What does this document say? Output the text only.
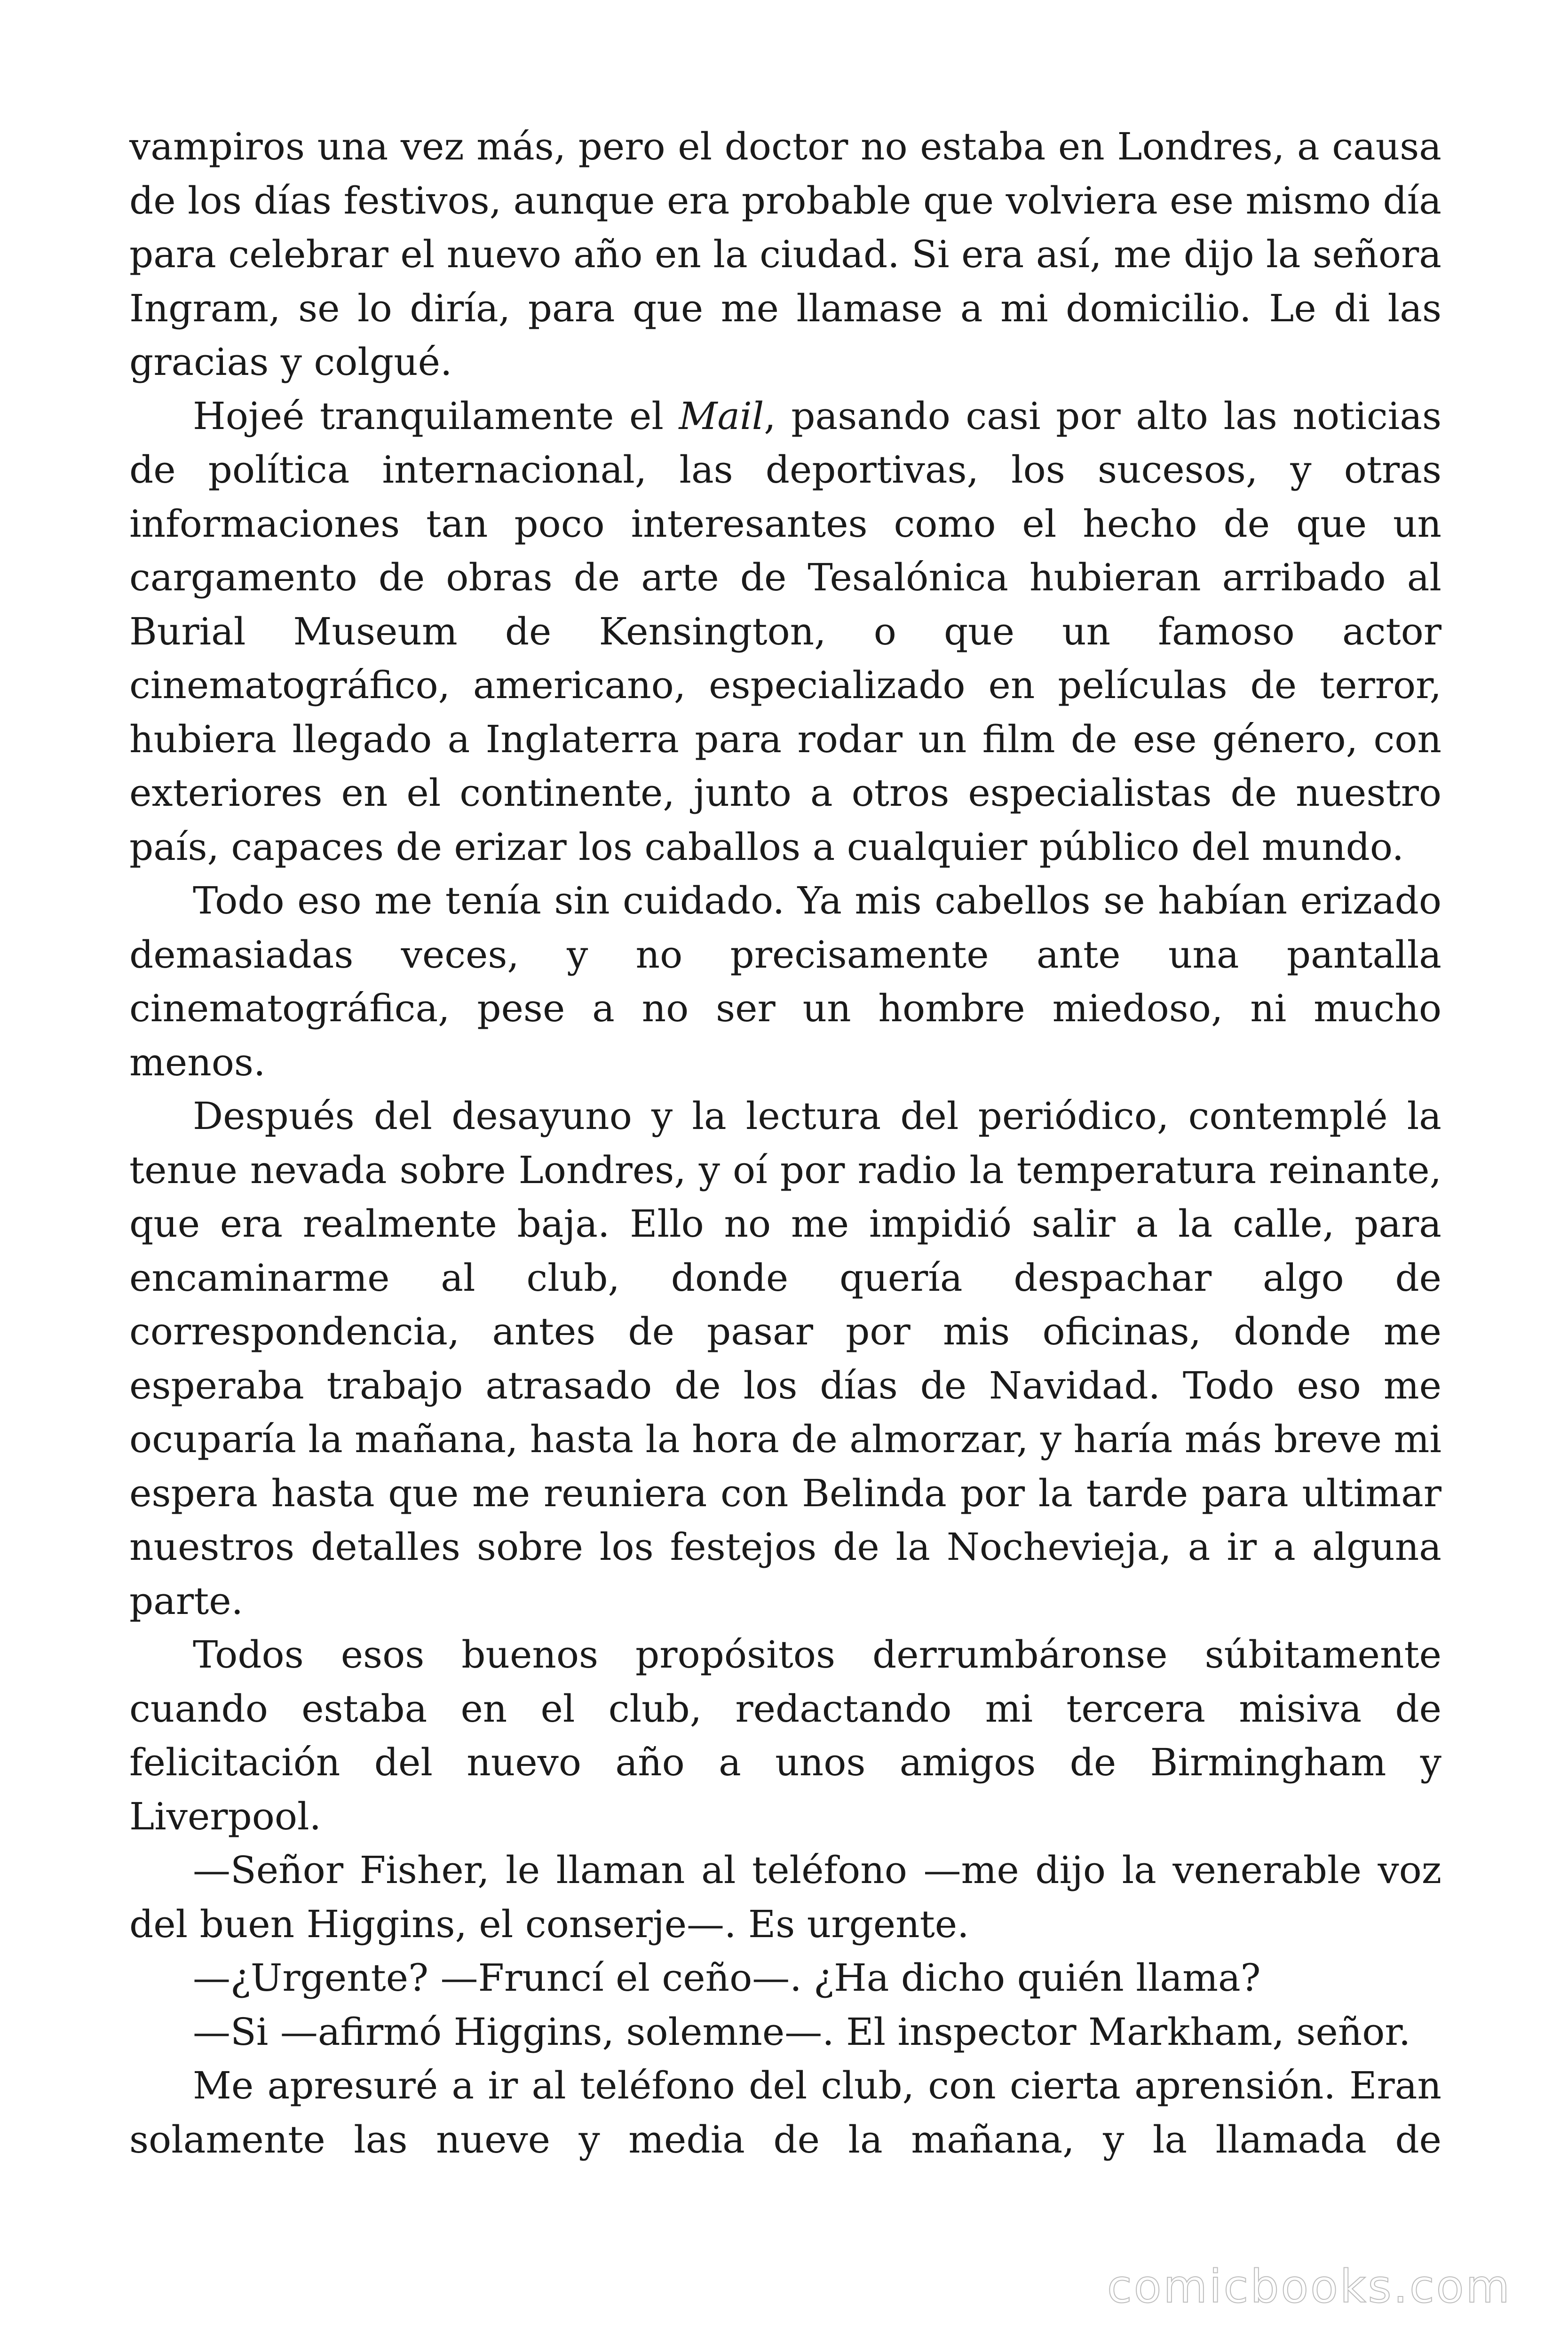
vampiros una vez más, pero el doctor no estaba en Londres, a causa de los días festivos, aunque era probable que volviera ese mismo día para celebrar el nuevo año en la ciudad. Si era así, me dijo la señora Ingram, se lo diría, para que me llamase a mi domicilio. Le di las gracias y colgué.

Hojeé tranquilamente el Mail, pasando casi por alto las noticias de política internacional, las deportivas, los sucesos, y otras informaciones tan poco interesantes como el hecho de que un cargamento de obras de arte de Tesalónica hubieran arribado al Burial Museum de Kensington, o que un famoso actor cinematográfico, americano, especializado en películas de terror, hubiera llegado a Inglaterra para rodar un film de ese género, con exteriores en el continente, junto a otros especialistas de nuestro país, capaces de erizar los caballos a cualquier público del mundo.

Todo eso me tenía sin cuidado. Ya mis cabellos se habían erizado demasiadas veces, y no precisamente ante una pantalla cinematográfica, pese a no ser un hombre miedoso, ni mucho menos.

Después del desayuno y la lectura del periódico, contemplé la tenue nevada sobre Londres, y oí por radio la temperatura reinante, que era realmente baja. Ello no me impidió salir a la calle, para encaminarme al club, donde quería despachar algo de correspondencia, antes de pasar por mis oficinas, donde me esperaba trabajo atrasado de los días de Navidad. Todo eso me ocuparía la mañana, hasta la hora de almorzar, y haría más breve mi espera hasta que me reuniera con Belinda por la tarde para ultimar nuestros detalles sobre los festejos de la Nochevieja, a ir a alguna parte.

Todos esos buenos propósitos derrumbáronse súbitamente cuando estaba en el club, redactando mi tercera misiva de felicitación del nuevo año a unos amigos de Birmingham y Liverpool.

—Señor Fisher, le llaman al teléfono —me dijo la venerable voz del buen Higgins, el conserje—. Es urgente.

—¿Urgente? —Fruncí el ceño—. ¿Ha dicho quién llama?

—Si —afirmó Higgins, solemne—. El inspector Markham, señor.

Me apresuré a ir al teléfono del club, con cierta aprensión. Eran solamente las nueve y media de la mañana, y la llamada de

comicbooks.com
